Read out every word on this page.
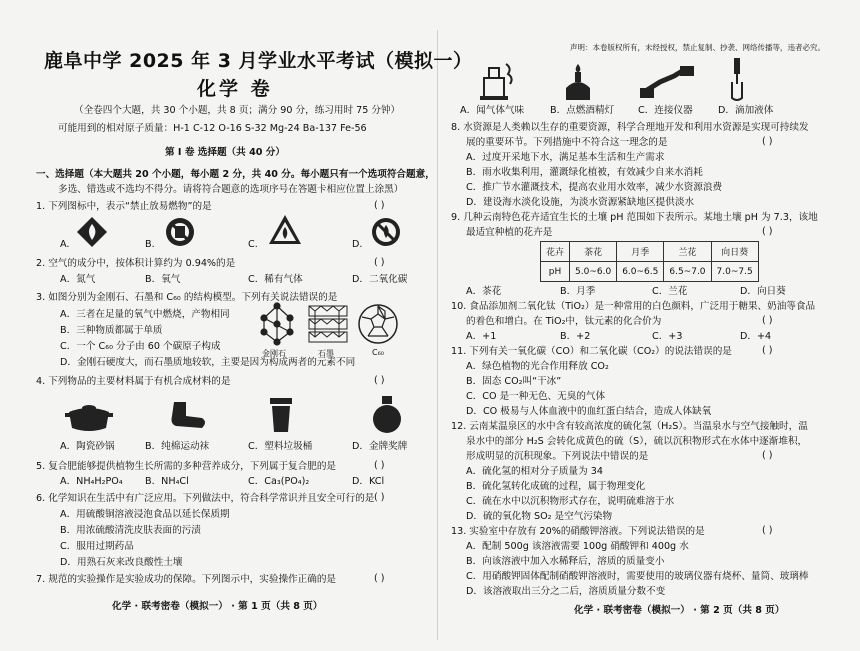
鹿阜中学 2025 年 3 月学业水平考试（模拟一）
化学 卷
（全卷四个大题，共 30 个小题，共 8 页；满分 90 分，练习用时 75 分钟）
可能用到的相对原子质量：H-1 C-12 O-16 S-32 Mg-24 Ba-137 Fe-56
第 I 卷 选择题（共 40 分）
一、选择题（本大题共 20 个小题，每小题 2 分，共 40 分。每小题只有一个选项符合题意，
多选、错选或不选均不得分。请将符合题意的选项序号在答题卡相应位置上涂黑）
1. 下列图标中，表示“禁止放易燃物”的是	( )
A.	B.	C.	D.
2. 空气的成分中，按体积计算约为 0.94%的是	( )
A．氮气	B．氧气	C．稀有气体	D．二氧化碳
3. 如图分别为金刚石、石墨和 C₆₀ 的结构模型。下列有关说法错误的是
A．三者在足量的氧气中燃烧，产物相同
B．三种物质都属于单质
C．一个 C₆₀ 分子由 60 个碳原子构成
D．金刚石硬度大，而石墨质地较软，主要是因为构成两者的元素不同
金刚石	石墨	C₆₀
4. 下列物品的主要材料属于有机合成材料的是	( )
A．陶瓷砂锅	B．纯棉运动袜	C．塑料垃圾桶	D．金牌奖牌
5. 复合肥能够提供植物生长所需的多种营养成分，下列属于复合肥的是	( )
A．NH₄H₂PO₄ B．NH₄Cl	C．Ca₃(PO₄)₂	D．KCl
6. 化学知识在生活中有广泛应用。下列做法中，符合科学常识并且安全可行的是 ( )
A．用硫酸铜溶液浸泡食品以延长保质期
B．用浓硫酸清洗皮肤表面的污渍
C．服用过期药品
D．用熟石灰来改良酸性土壤
7. 规范的实验操作是实验成功的保障。下列图示中，实验操作正确的是	( )
化学 · 联考密卷（模拟一） · 第 1 页（共 8 页）
声明：本卷版权所有，未经授权，禁止复制、抄袭、网络传播等，违者必究。
A．闻气体气味	B．点燃酒精灯 C．连接仪器	D．滴加液体
8. 水资源是人类赖以生存的重要资源，科学合理地开发和利用水资源是实现可持续发
展的重要环节。下列措施中不符合这一理念的是	( )
A．过度开采地下水，满足基本生活和生产需求
B．雨水收集利用，灌溉绿化植被，有效减少自来水消耗
C．推广节水灌溉技术，提高农业用水效率，减少水资源浪费
D．建设海水淡化设施，为淡水资源紧缺地区提供淡水
9. 几种云南特色花卉适宜生长的土壤 pH 范围如下表所示。某地土壤 pH 为 7.3，该地
最适宜种植的花卉是	( )
花卉	茶花	月季	兰花	向日葵
pH	5.0~6.0	6.0~6.5	6.5~7.0	7.0~7.5
A．茶花	B．月季	C．兰花	D．向日葵
10. 食品添加剂二氧化钛（TiO₂）是一种常用的白色颜料，广泛用于糖果、奶油等食品
的着色和增白。在 TiO₂中，钛元素的化合价为	( )
A．+1	B．+2	C．+3	D．+4
11. 下列有关一氧化碳（CO）和二氧化碳（CO₂）的说法错误的是	( )
A．绿色植物的光合作用释放 CO₂
B．固态 CO₂叫“干冰”
C．CO 是一种无色、无臭的气体
D．CO 极易与人体血液中的血红蛋白结合，造成人体缺氧
12. 云南某温泉区的水中含有较高浓度的硫化氢（H₂S）。当温泉水与空气接触时，温
泉水中的部分 H₂S 会转化成黄色的硫（S），硫以沉积物形式在水体中逐渐堆积，
形成明显的沉积现象。下列说法中错误的是	( )
A．硫化氢的相对分子质量为 34
B．硫化氢转化成硫的过程，属于物理变化
C．硫在水中以沉积物形式存在，说明硫难溶于水
D．硫的氧化物 SO₂ 是空气污染物
13. 实验室中存放有 20%的硝酸钾溶液。下列说法错误的是	( )
A．配制 500g 该溶液需要 100g 硝酸钾和 400g 水
B．向该溶液中加入水稀释后，溶质的质量变小
C．用硝酸钾固体配制硝酸钾溶液时，需要使用的玻璃仪器有烧杯、量筒、玻璃棒
D．该溶液取出三分之二后，溶质质量分数不变
化学 · 联考密卷（模拟一） · 第 2 页（共 8 页）
